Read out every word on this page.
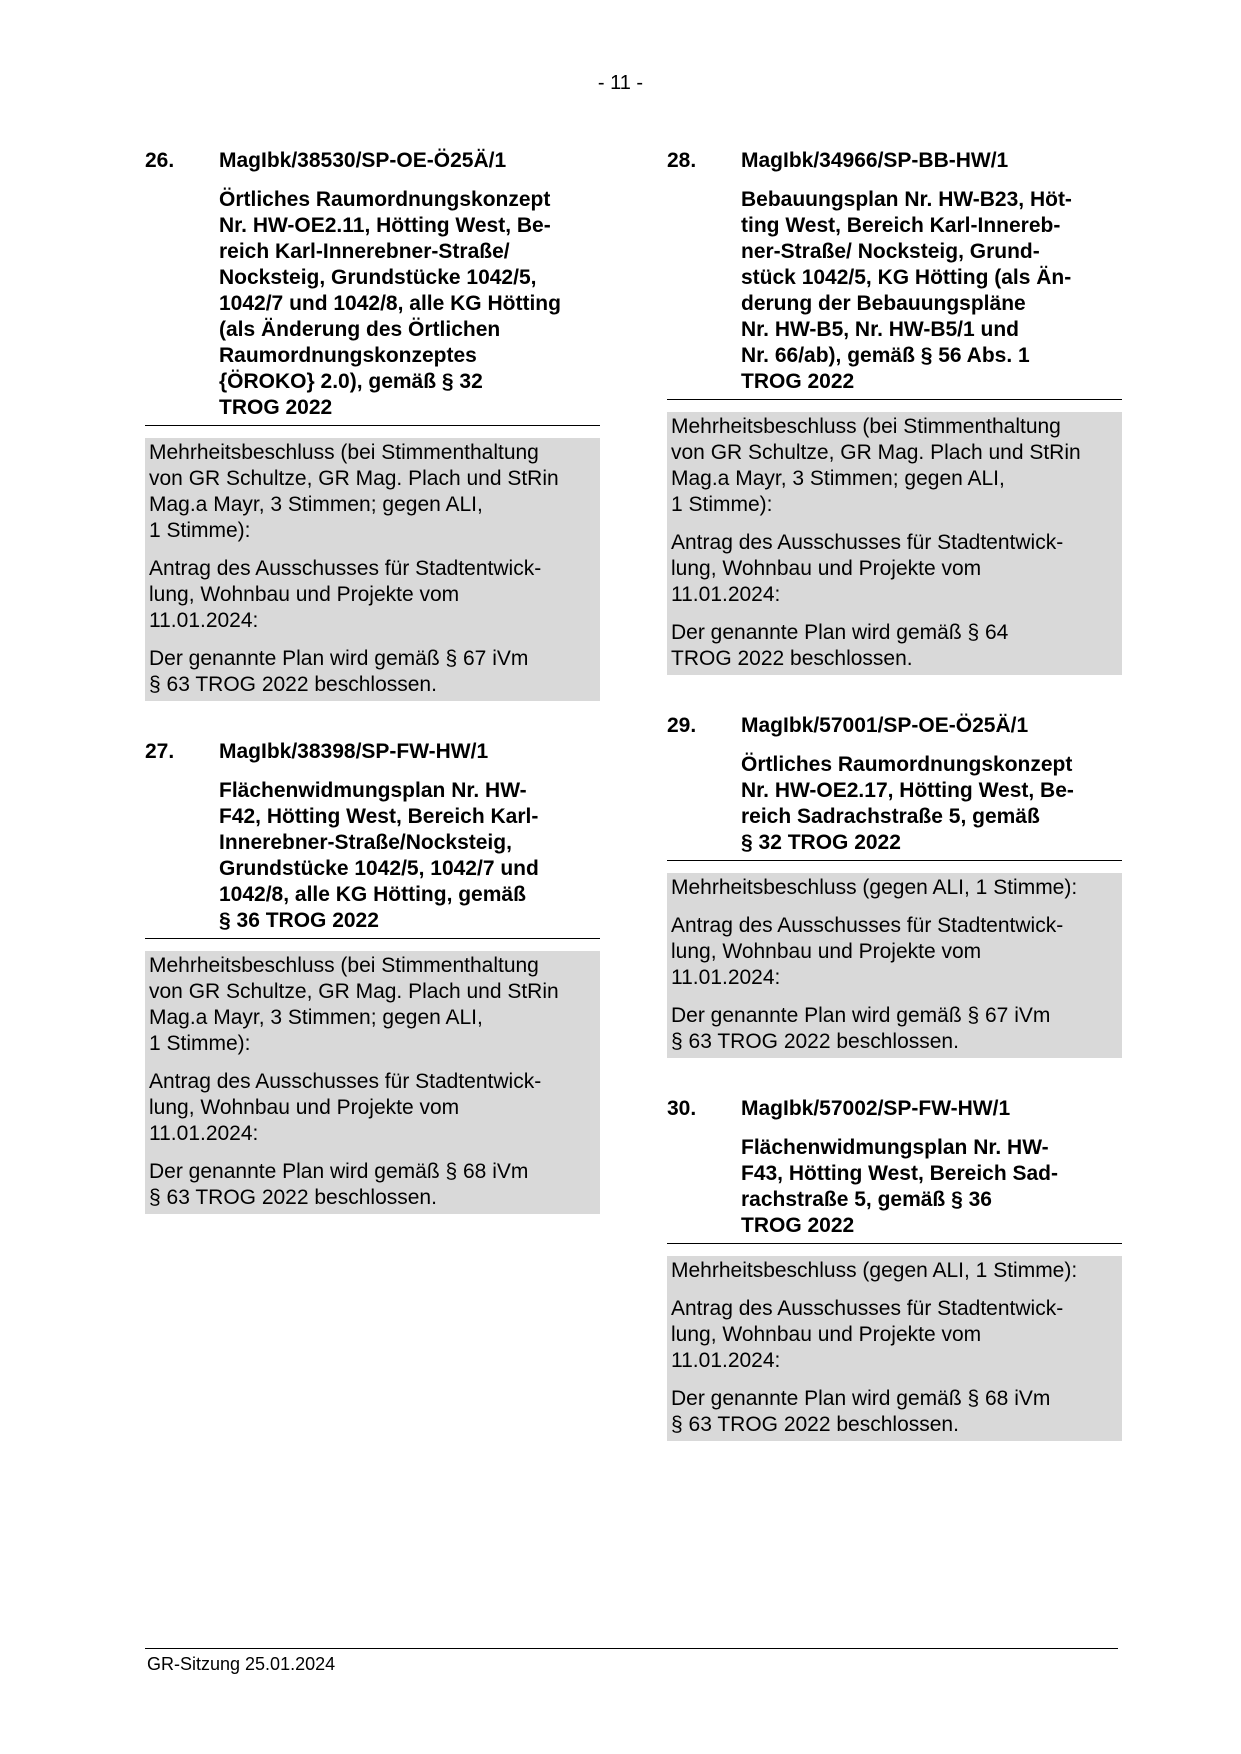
- 11 -
26. MagIbk/38530/SP-OE-Ö25Ä/1
Örtliches Raumordnungskonzept
Nr. HW-OE2.11, Hötting West, Be-
reich Karl-Innerebner-Straße/
Nocksteig, Grundstücke 1042/5,
1042/7 und 1042/8, alle KG Hötting
(als Änderung des Örtlichen
Raumordnungskonzeptes
{ÖROKO} 2.0), gemäß § 32
TROG 2022

Mehrheitsbeschluss (bei Stimmenthaltung
von GR Schultze, GR Mag. Plach und StRin
Mag.a Mayr, 3 Stimmen; gegen ALI,
1 Stimme):

Antrag des Ausschusses für Stadtentwick-
lung, Wohnbau und Projekte vom
11.01.2024:

Der genannte Plan wird gemäß § 67 iVm
§ 63 TROG 2022 beschlossen.

27. MagIbk/38398/SP-FW-HW/1
Flächenwidmungsplan Nr. HW-
F42, Hötting West, Bereich Karl-
Innerebner-Straße/Nocksteig,
Grundstücke 1042/5, 1042/7 und
1042/8, alle KG Hötting, gemäß
§ 36 TROG 2022

Mehrheitsbeschluss (bei Stimmenthaltung
von GR Schultze, GR Mag. Plach und StRin
Mag.a Mayr, 3 Stimmen; gegen ALI,
1 Stimme):

Antrag des Ausschusses für Stadtentwick-
lung, Wohnbau und Projekte vom
11.01.2024:

Der genannte Plan wird gemäß § 68 iVm
§ 63 TROG 2022 beschlossen.

28. MagIbk/34966/SP-BB-HW/1
Bebauungsplan Nr. HW-B23, Höt-
ting West, Bereich Karl-Innereb-
ner-Straße/ Nocksteig, Grund-
stück 1042/5, KG Hötting (als Än-
derung der Bebauungspläne
Nr. HW-B5, Nr. HW-B5/1 und
Nr. 66/ab), gemäß § 56 Abs. 1
TROG 2022

Mehrheitsbeschluss (bei Stimmenthaltung
von GR Schultze, GR Mag. Plach und StRin
Mag.a Mayr, 3 Stimmen; gegen ALI,
1 Stimme):

Antrag des Ausschusses für Stadtentwick-
lung, Wohnbau und Projekte vom
11.01.2024:

Der genannte Plan wird gemäß § 64
TROG 2022 beschlossen.

29. MagIbk/57001/SP-OE-Ö25Ä/1
Örtliches Raumordnungskonzept
Nr. HW-OE2.17, Hötting West, Be-
reich Sadrachstraße 5, gemäß
§ 32 TROG 2022

Mehrheitsbeschluss (gegen ALI, 1 Stimme):

Antrag des Ausschusses für Stadtentwick-
lung, Wohnbau und Projekte vom
11.01.2024:

Der genannte Plan wird gemäß § 67 iVm
§ 63 TROG 2022 beschlossen.

30. MagIbk/57002/SP-FW-HW/1
Flächenwidmungsplan Nr. HW-
F43, Hötting West, Bereich Sad-
rachstraße 5, gemäß § 36
TROG 2022

Mehrheitsbeschluss (gegen ALI, 1 Stimme):

Antrag des Ausschusses für Stadtentwick-
lung, Wohnbau und Projekte vom
11.01.2024:

Der genannte Plan wird gemäß § 68 iVm
§ 63 TROG 2022 beschlossen.

GR-Sitzung 25.01.2024
